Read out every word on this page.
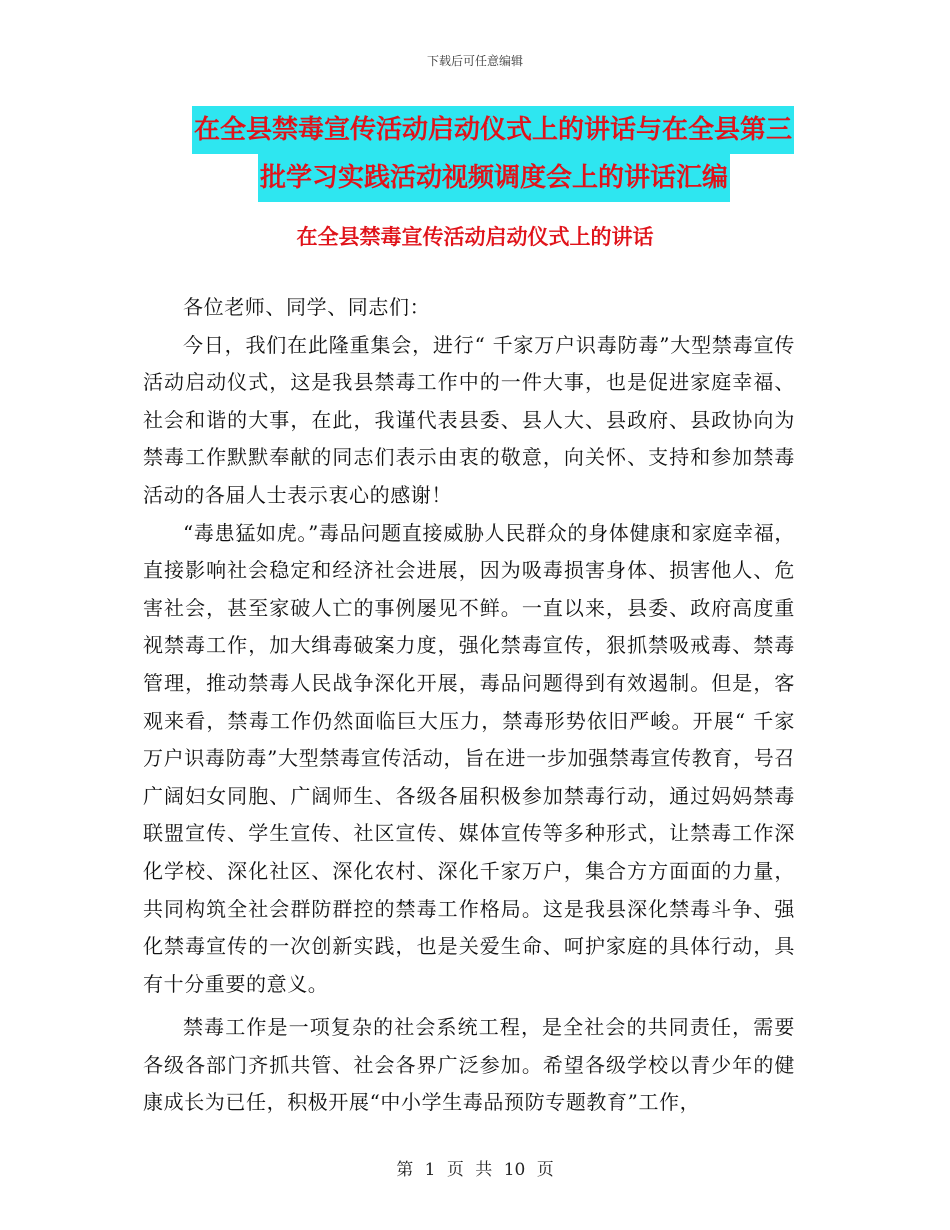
下载后可任意编辑
在全县禁毒宣传活动启动仪式上的讲话与在全县第三
批学习实践活动视频调度会上的讲话汇编
在全县禁毒宣传活动启动仪式上的讲话

各位老师、同学、同志们：

今日，我们在此隆重集会，进行“ 千家万户识毒防毒”大型禁毒宣传活动启动仪式，这是我县禁毒工作中的一件大事，也是促进家庭幸福、社会和谐的大事，在此，我谨代表县委、县人大、县政府、县政协向为禁毒工作默默奉献的同志们表示由衷的敬意，向关怀、支持和参加禁毒活动的各届人士表示衷心的感谢！

“毒患猛如虎。”毒品问题直接威胁人民群众的身体健康和家庭幸福，直接影响社会稳定和经济社会进展，因为吸毒损害身体、损害他人、危害社会，甚至家破人亡的事例屡见不鲜。一直以来，县委、政府高度重视禁毒工作，加大缉毒破案力度，强化禁毒宣传，狠抓禁吸戒毒、禁毒管理，推动禁毒人民战争深化开展，毒品问题得到有效遏制。但是，客观来看，禁毒工作仍然面临巨大压力，禁毒形势依旧严峻。开展“ 千家万户识毒防毒”大型禁毒宣传活动，旨在进一步加强禁毒宣传教育，号召广阔妇女同胞、广阔师生、各级各届积极参加禁毒行动，通过妈妈禁毒联盟宣传、学生宣传、社区宣传、媒体宣传等多种形式，让禁毒工作深化学校、深化社区、深化农村、深化千家万户，集合方方面面的力量，共同构筑全社会群防群控的禁毒工作格局。这是我县深化禁毒斗争、强化禁毒宣传的一次创新实践，也是关爱生命、呵护家庭的具体行动，具有十分重要的意义。

禁毒工作是一项复杂的社会系统工程，是全社会的共同责任，需要各级各部门齐抓共管、社会各界广泛参加。希望各级学校以青少年的健康成长为已任，积极开展“中小学生毒品预防专题教育”工作，

第 1 页 共 10 页
